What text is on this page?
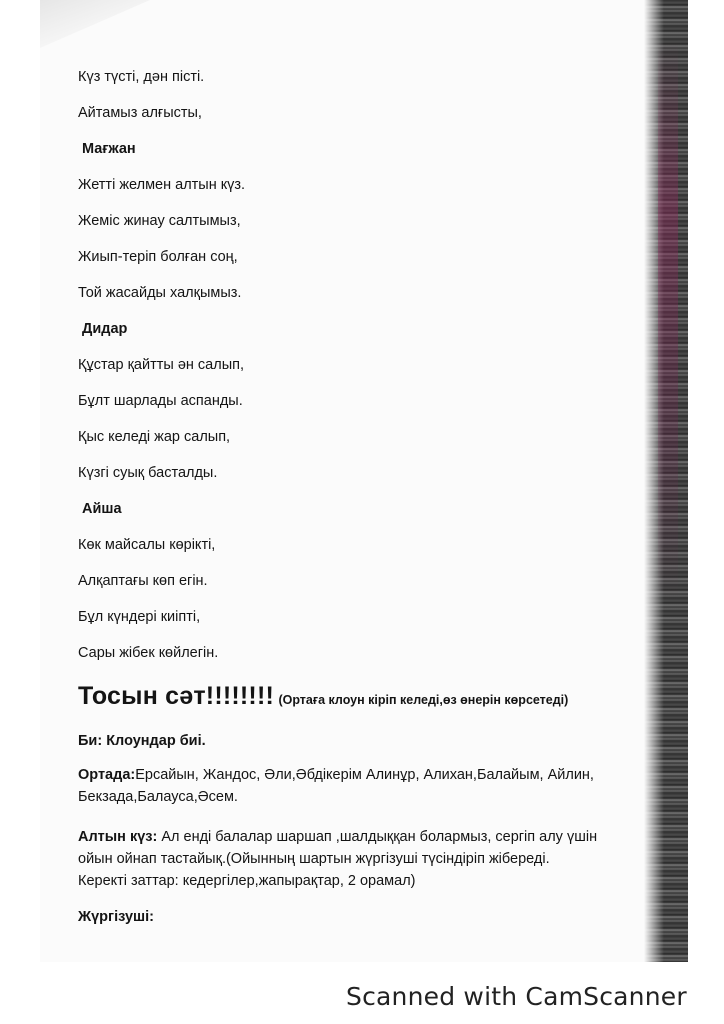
Күз түсті, дән пісті.
Айтамыз алғысты,
Мағжан
Жетті желмен алтын күз.
Жеміс жинау салтымыз,
Жиып-теріп болған соң,
Той жасайды халқымыз.
Дидар
Құстар қайтты ән салып,
Бұлт шарлады аспанды.
Қыс келеді жар салып,
Күзгі суық басталды.
Айша
Көк майсалы көрікті,
Алқаптағы көп егін.
Бұл күндері киіпті,
Сары жібек көйлегін.
Тосын сәт!!!!!!!! (Ортаға клоун кіріп келеді,өз өнерін көрсетеді)
Би: Клоундар биі.
Ортада:Ерсайын, Жандос, Әли,Әбдікерім Алинұр, Алихан,Балайым, Айлин,
Бекзада,Балауса,Әсем.
Алтын күз: Ал енді балалар шаршап ,шалдыққан болармыз, сергіп алу үшін
ойын ойнап тастайық.(Ойынның шартын жүргізуші түсіндіріп жібереді.
Керекті заттар: кедергілер,жапырақтар, 2 орамал)
Жүргізуші:
Scanned with CamScanner
